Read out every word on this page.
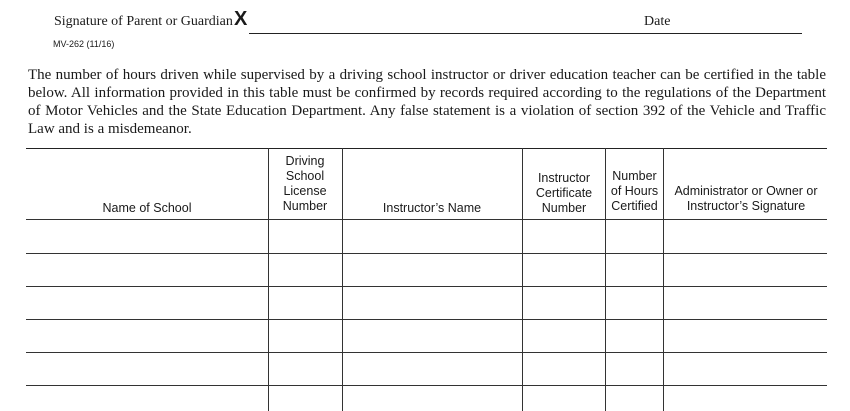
Signature of Parent or Guardian X	Date
MV-262 (11/16)
The number of hours driven while supervised by a driving school instructor or driver education teacher can be certified in the table below. All information provided in this table must be confirmed by records required according to the regulations of the Department of Motor Vehicles and the State Education Department. Any false statement is a violation of section 392 of the Vehicle and Traffic Law and is a misdemeanor.
Name of School
Driving School License Number	Instructor’s Name
Instructor Certificate Number
Number of Hours Certified
Administrator or Owner or Instructor’s Signature
